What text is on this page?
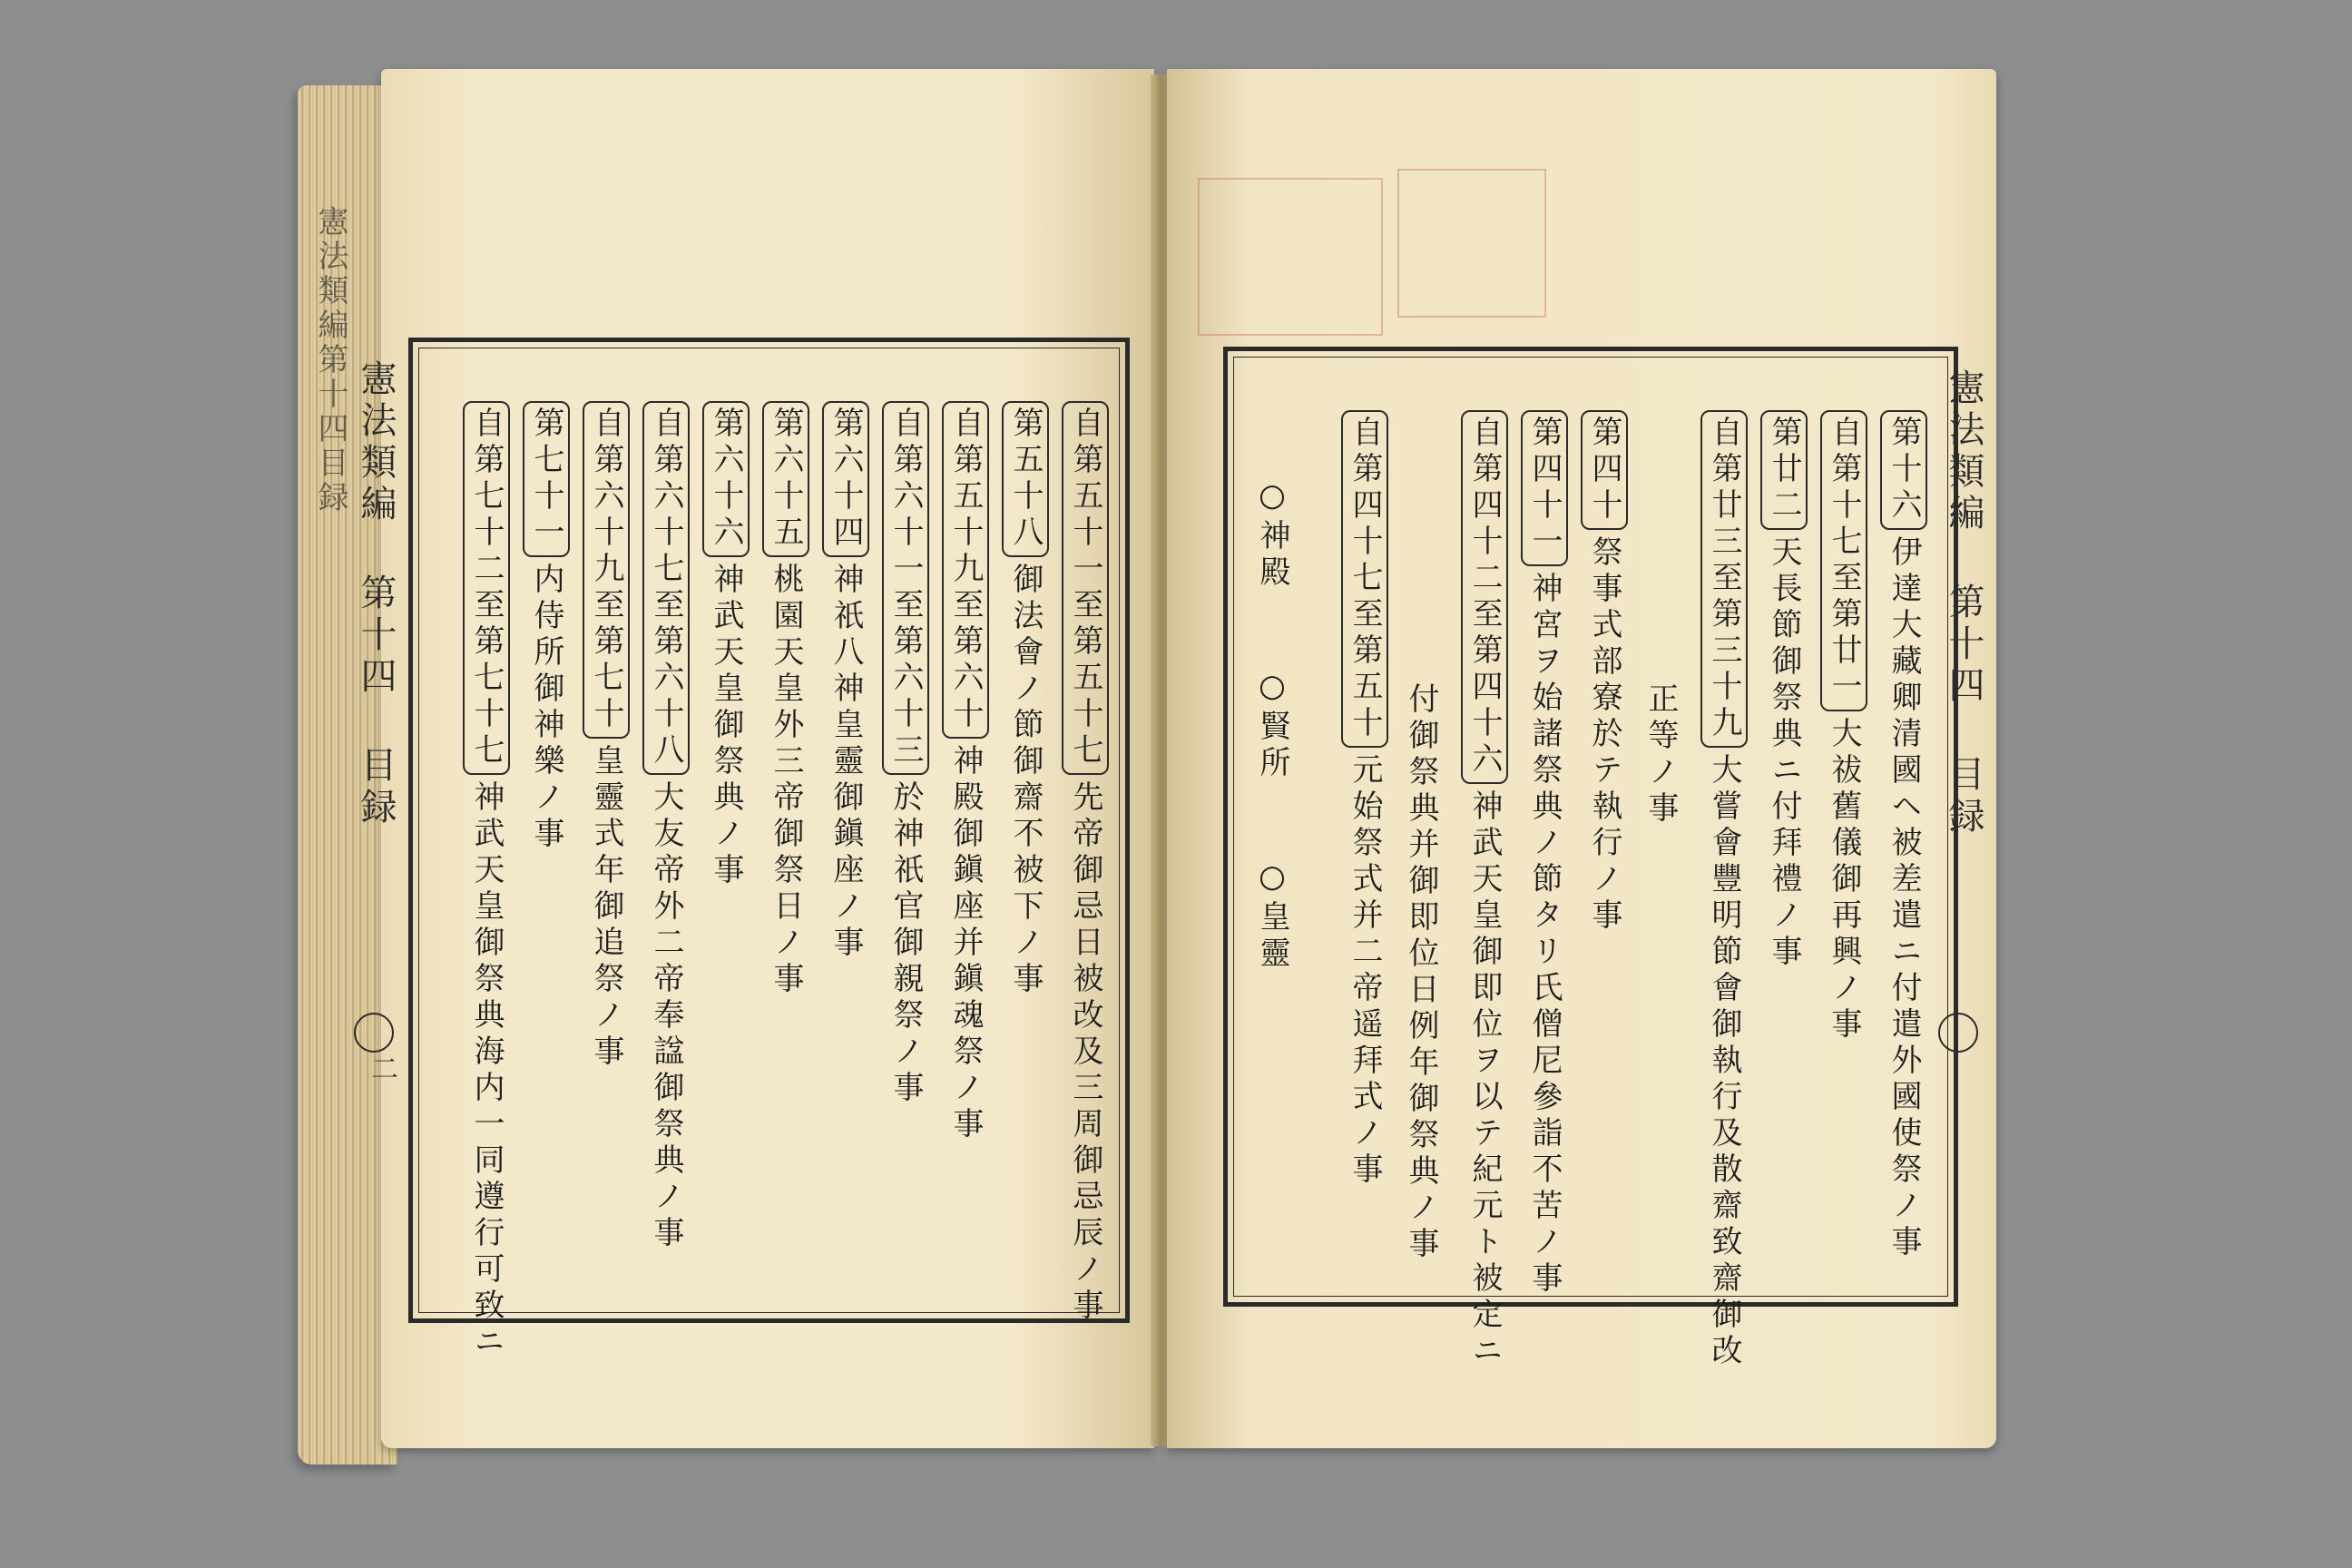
憲法類編第十四目録 憲法類編 第十四 目録
二
自第五十一至第五十七先帝御忌日被改及三周御忌辰ノ事
第五十八御法會ノ節御齋不被下ノ事
自第五十九至第六十神殿御鎭座并鎭魂祭ノ事
自第六十一至第六十三於神祇官御親祭ノ事
第六十四神祇八神皇靈御鎭座ノ事
第六十五桃園天皇外三帝御祭日ノ事
第六十六神武天皇御祭典ノ事
自第六十七至第六十八大友帝外二帝奉諡御祭典ノ事
自第六十九至第七十皇靈式年御追祭ノ事
第七十一内侍所御神樂ノ事
自第七十二至第七十七神武天皇御祭典海内一同遵行可致ニ
憲法類編 第十四 目録
第十六伊達大藏卿清國ヘ被差遣ニ付遣外國使祭ノ事
自第十七至第廿一大祓舊儀御再興ノ事
第廿二天長節御祭典ニ付拜禮ノ事
自第廿三至第三十九大嘗會豐明節會御執行及散齋致齋御改
正等ノ事
第四十祭事式部寮於テ執行ノ事
第四十一神宮ヲ始諸祭典ノ節タリ氏僧尼參詣不苦ノ事
自第四十二至第四十六神武天皇御即位ヲ以テ紀元ト被定ニ
付御祭典并御即位日例年御祭典ノ事
自第四十七至第五十元始祭式并二帝遥拜式ノ事
○神殿
○賢所
○皇靈
